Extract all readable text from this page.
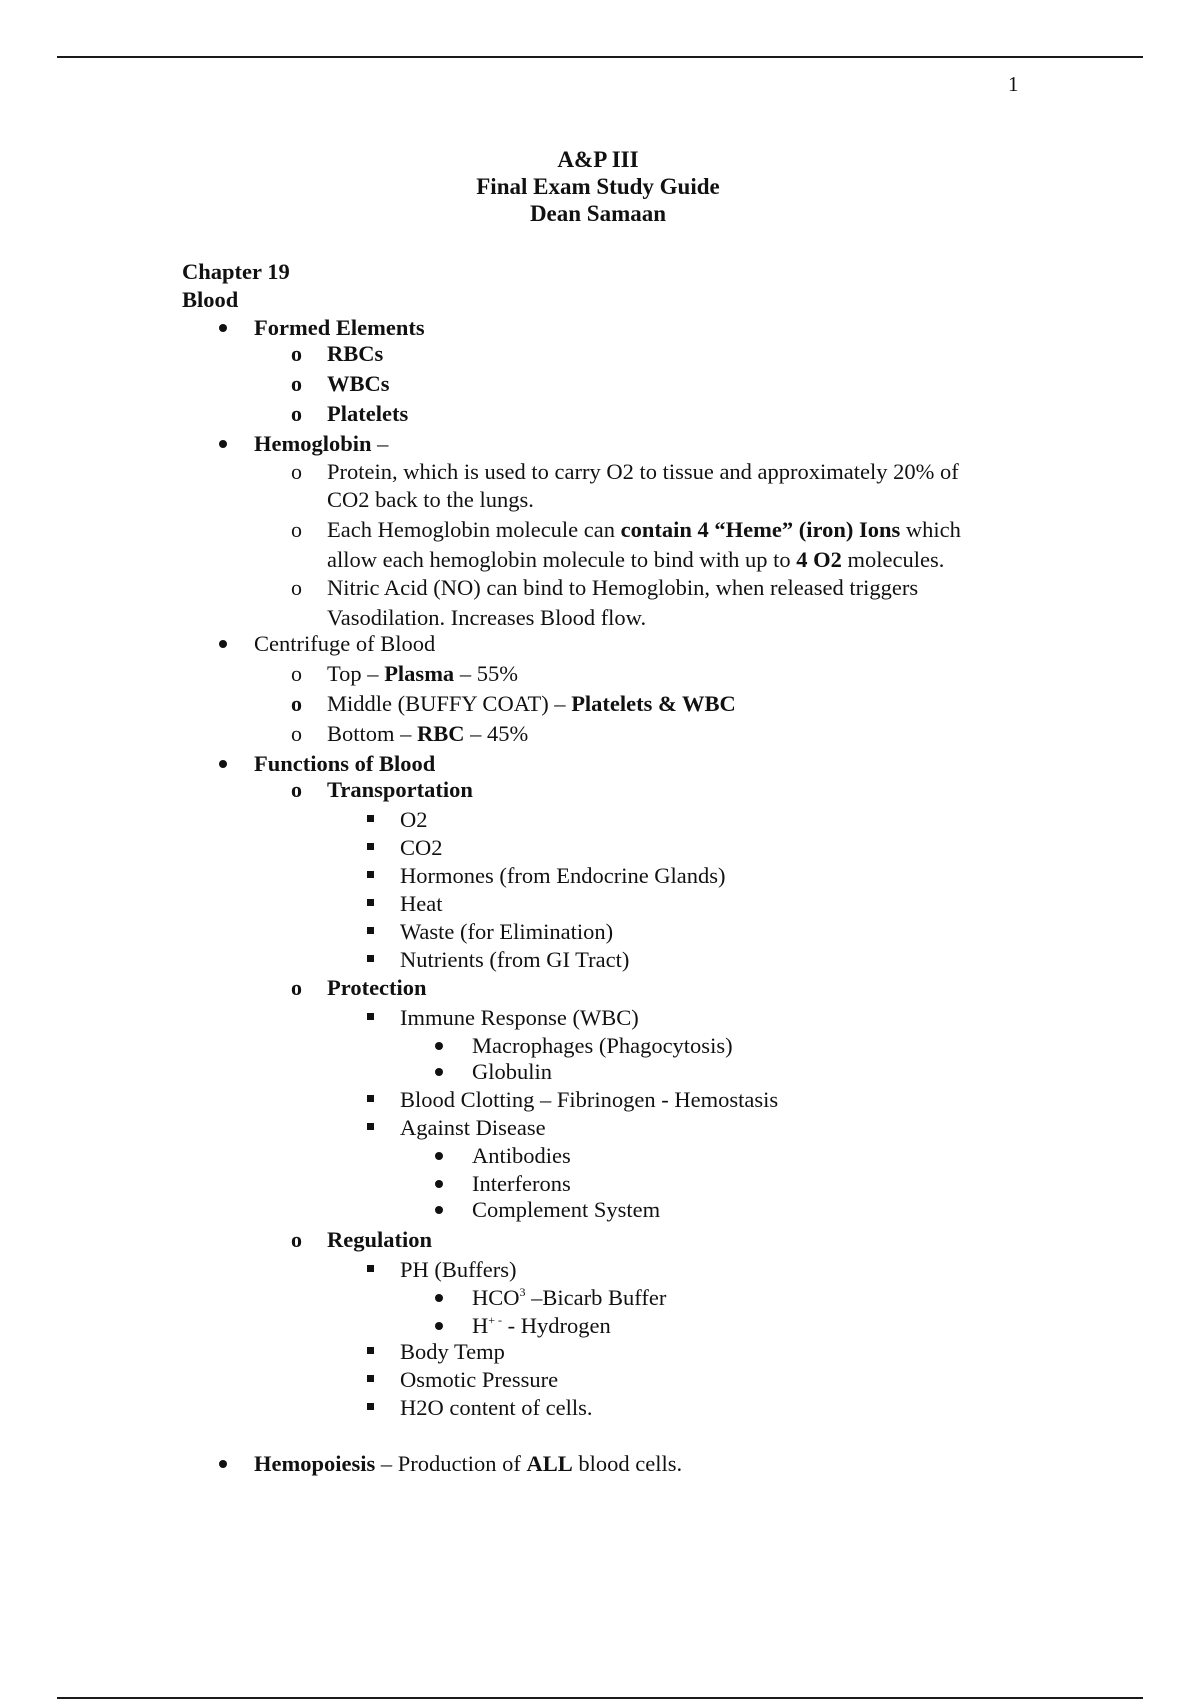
1
A&P III
Final Exam Study Guide
Dean Samaan
Chapter 19
Blood
Formed Elements
o RBCs
o WBCs
o Platelets
Hemoglobin –
o Protein, which is used to carry O2 to tissue and approximately 20% of
CO2 back to the lungs.
o Each Hemoglobin molecule can contain 4 “Heme” (iron) Ions which
allow each hemoglobin molecule to bind with up to 4 O2 molecules.
o Nitric Acid (NO) can bind to Hemoglobin, when released triggers
Vasodilation. Increases Blood flow.
Centrifuge of Blood
o Top – Plasma – 55%
o Middle (BUFFY COAT) – Platelets & WBC
o Bottom – RBC – 45%
Functions of Blood
o Transportation
O2
CO2
Hormones (from Endocrine Glands)
Heat
Waste (for Elimination)
Nutrients (from GI Tract)
o Protection
Immune Response (WBC)
Macrophages (Phagocytosis)
Globulin
Blood Clotting – Fibrinogen - Hemostasis
Against Disease
Antibodies
Interferons
Complement System
o Regulation
PH (Buffers)
HCO$^3$ –Bicarb Buffer
H+ - - Hydrogen
Body Temp
Osmotic Pressure
H2O content of cells.
Hemopoiesis – Production of ALL blood cells.
